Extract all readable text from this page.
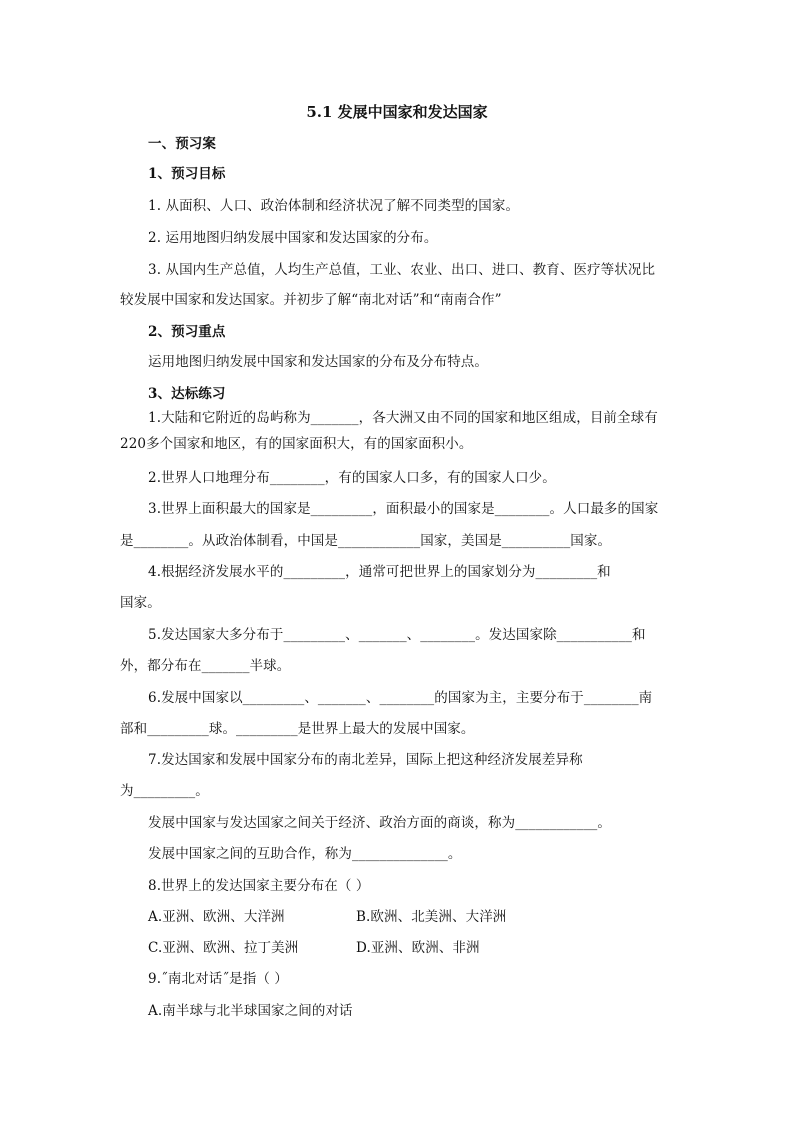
5.1 发展中国家和发达国家
一、预习案
1、预习目标
1. 从面积、人口、政治体制和经济状况了解不同类型的国家。
2. 运用地图归纳发展中国家和发达国家的分布。
3. 从国内生产总值，人均生产总值，工业、农业、出口、进口、教育、医疗等状况比
较发展中国家和发达国家。并初步了解“南北对话”和“南南合作”
2、预习重点
运用地图归纳发展中国家和发达国家的分布及分布特点。
3、达标练习
1.大陆和它附近的岛屿称为_______，各大洲又由不同的国家和地区组成，目前全球有
220多个国家和地区，有的国家面积大，有的国家面积小。
2.世界人口地理分布________，有的国家人口多，有的国家人口少。
3.世界上面积最大的国家是_________，面积最小的国家是________。人口最多的国家
是________。从政治体制看，中国是____________国家，美国是__________国家。
4.根据经济发展水平的_________，通常可把世界上的国家划分为_________和
国家。
5.发达国家大多分布于_________、_______、________。发达国家除___________和
外，都分布在_______半球。
6.发展中国家以_________、_______、________的国家为主，主要分布于________南
部和_________球。_________是世界上最大的发展中国家。
7.发达国家和发展中国家分布的南北差异，国际上把这种经济发展差异称
为_________。
发展中国家与发达国家之间关于经济、政治方面的商谈，称为____________。
发展中国家之间的互助合作，称为______________。
8.世界上的发达国家主要分布在（ ）
A.亚洲、欧洲、大洋洲	B.欧洲、北美洲、大洋洲
C.亚洲、欧洲、拉丁美洲	D.亚洲、欧洲、非洲
9.˝南北对话˝是指（ ）
A.南半球与北半球国家之间的对话
